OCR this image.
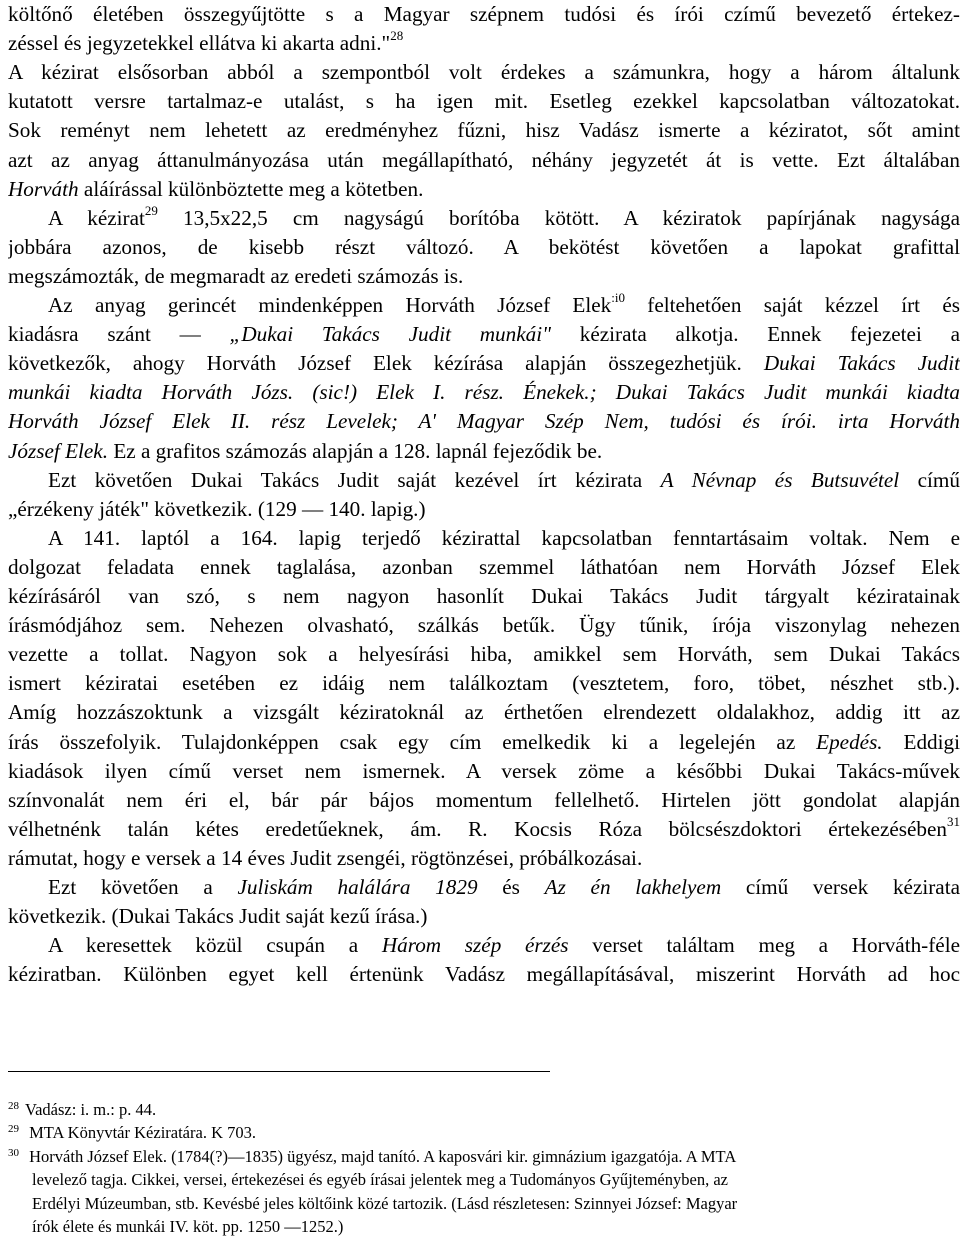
költőnő életében összegyűjtötte s a Magyar szépnem tudósi és írói czímű bevezető értekez-
zéssel és jegyzetekkel ellátva ki akarta adni."$^{28}$
A kézirat elsősorban abból a szempontból volt érdekes a számunkra, hogy a három általunk
kutatott versre tartalmaz-e utalást, s ha igen mit. Esetleg ezekkel kapcsolatban változatokat.
Sok reményt nem lehetett az eredményhez fűzni, hisz Vadász ismerte a kéziratot, sőt amint
azt az anyag áttanulmányozása után megállapítható, néhány jegyzetét át is vette. Ezt általában
Horváth aláírással különböztette meg a kötetben.
A kézirat$^{29}$ 13,5x22,5 cm nagyságú borítóba kötött. A kéziratok papírjának nagysága
jobbára azonos, de kisebb részt változó. A bekötést követően a lapokat grafittal
megszámozták, de megmaradt az eredeti számozás is.
Az anyag gerincét mindenképpen Horváth József Elek$^{:i0}$ feltehetően saját kézzel írt és
kiadásra szánt — „Dukai Takács Judit munkái" kézirata alkotja. Ennek fejezetei a
következők, ahogy Horváth József Elek kézírása alapján összegezhetjük. Dukai Takács Judit
munkái kiadta Horváth Józs. (sic!) Elek I. rész. Énekek.; Dukai Takács Judit munkái kiadta
Horváth József Elek II. rész Levelek; A' Magyar Szép Nem, tudósi és írói. irta Horváth
József Elek. Ez a grafitos számozás alapján a 128. lapnál fejeződik be.
Ezt követően Dukai Takács Judit saját kezével írt kézirata A Névnap és Butsuvétel című
„érzékeny játék" következik. (129 — 140. lapig.)
A 141. laptól a 164. lapig terjedő kézirattal kapcsolatban fenntartásaim voltak. Nem e
dolgozat feladata ennek taglalása, azonban szemmel láthatóan nem Horváth József Elek
kézírásáról van szó, s nem nagyon hasonlít Dukai Takács Judit tárgyalt kéziratainak
írásmódjához sem. Nehezen olvasható, szálkás betűk. Ügy tűnik, írója viszonylag nehezen
vezette a tollat. Nagyon sok a helyesírási hiba, amikkel sem Horváth, sem Dukai Takács
ismert kéziratai esetében ez idáig nem találkoztam (vesztetem, foro, töbet, nészhet stb.).
Amíg hozzászoktunk a vizsgált kéziratoknál az érthetően elrendezett oldalakhoz, addig itt az
írás összefolyik. Tulajdonképpen csak egy cím emelkedik ki a legelején az Epedés. Eddigi
kiadások ilyen című verset nem ismernek. A versek zöme a későbbi Dukai Takács-művek
színvonalát nem éri el, bár pár bájos momentum fellelhető. Hirtelen jött gondolat alapján
vélhetnénk talán kétes eredetűeknek, ám. R. Kocsis Róza bölcsészdoktori értekezésében$^{31}$
rámutat, hogy e versek a 14 éves Judit zsengéi, rögtönzései, próbálkozásai.
Ezt követően a Juliskám halálára 1829 és Az én lakhelyem című versek kézirata
következik. (Dukai Takács Judit saját kezű írása.)
A keresettek közül csupán a Három szép érzés verset találtam meg a Horváth-féle
kéziratban. Különben egyet kell értenünk Vadász megállapításával, miszerint Horváth ad hoc
$^{28}$ Vadász: i. m.: p. 44.
$^{29}$ MTA Könyvtár Kéziratára. K 703.
$^{30}$ Horváth József Elek. (1784(?)—1835) ügyész, majd tanító. A kaposvári kir. gimnázium igazgatója. A MTA
levelező tagja. Cikkei, versei, értekezései és egyéb írásai jelentek meg a Tudományos Gyűjteményben, az
Erdélyi Múzeumban, stb. Kevésbé jeles költőink közé tartozik. (Lásd részletesen: Szinnyei József: Magyar
írók élete és munkái IV. köt. pp. 1250 —1252.)
